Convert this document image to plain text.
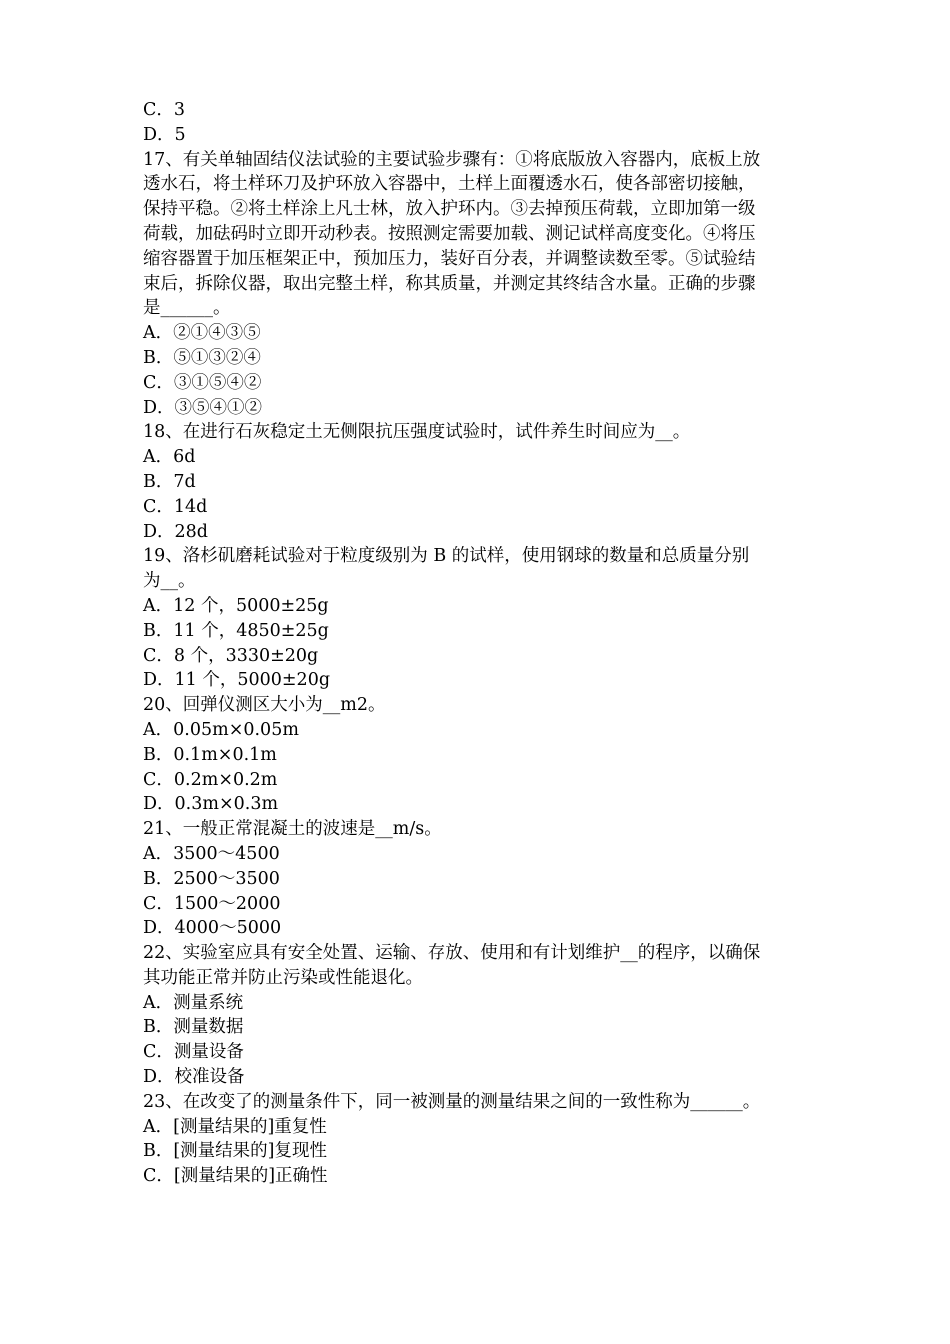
C．3
D．5
17、有关单轴固结仪法试验的主要试验步骤有：①将底版放入容器内，底板上放
透水石，将土样环刀及护环放入容器中，土样上面覆透水石，使各部密切接触，
保持平稳。②将土样涂上凡士林，放入护环内。③去掉预压荷载，立即加第一级
荷载，加砝码时立即开动秒表。按照测定需要加载、测记试样高度变化。④将压
缩容器置于加压框架正中，预加压力，装好百分表，并调整读数至零。⑤试验结
束后，拆除仪器，取出完整土样，称其质量，并测定其终结含水量。正确的步骤
是______。
A．②①④③⑤
B．⑤①③②④
C．③①⑤④②
D．③⑤④①②
18、在进行石灰稳定土无侧限抗压强度试验时，试件养生时间应为__。
A．6d
B．7d
C．14d
D．28d
19、洛杉矶磨耗试验对于粒度级别为 B 的试样，使用钢球的数量和总质量分别
为__。
A．12 个，5000±25g
B．11 个，4850±25g
C．8 个，3330±20g
D．11 个，5000±20g
20、回弹仪测区大小为__m2。
A．0.05m×0.05m
B．0.1m×0.1m
C．0.2m×0.2m
D．0.3m×0.3m
21、一般正常混凝土的波速是__m/s。
A．3500～4500
B．2500～3500
C．1500～2000
D．4000～5000
22、实验室应具有安全处置、运输、存放、使用和有计划维护__的程序，以确保
其功能正常并防止污染或性能退化。
A．测量系统
B．测量数据
C．测量设备
D．校准设备
23、在改变了的测量条件下，同一被测量的测量结果之间的一致性称为______。
A．[测量结果的]重复性
B．[测量结果的]复现性
C．[测量结果的]正确性
